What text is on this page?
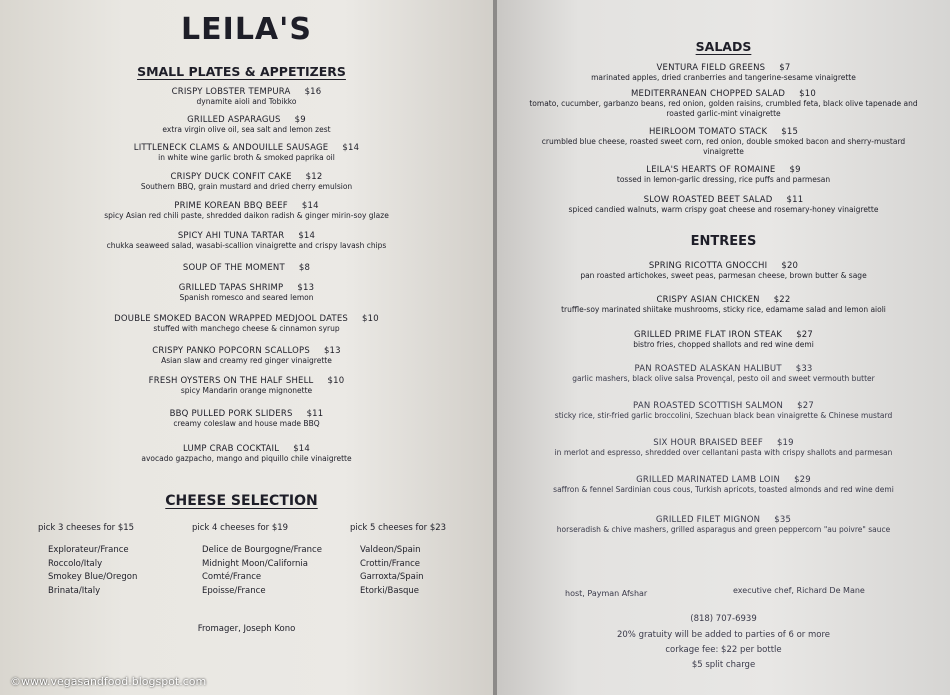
LEILA'S
SMALL PLATES & APPETIZERS
CRISPY LOBSTER TEMPURA $16
dynamite aioli and Tobikko
GRILLED ASPARAGUS $9
extra virgin olive oil, sea salt and lemon zest
LITTLENECK CLAMS & ANDOUILLE SAUSAGE $14
in white wine garlic broth & smoked paprika oil
CRISPY DUCK CONFIT CAKE $12
Southern BBQ, grain mustard and dried cherry emulsion
PRIME KOREAN BBQ BEEF $14
spicy Asian red chili paste, shredded daikon radish & ginger mirin-soy glaze
SPICY AHI TUNA TARTAR $14
chukka seaweed salad, wasabi-scallion vinaigrette and crispy lavash chips
SOUP OF THE MOMENT $8
GRILLED TAPAS SHRIMP $13
Spanish romesco and seared lemon
DOUBLE SMOKED BACON WRAPPED MEDJOOL DATES $10
stuffed with manchego cheese & cinnamon syrup
CRISPY PANKO POPCORN SCALLOPS $13
Asian slaw and creamy red ginger vinaigrette
FRESH OYSTERS ON THE HALF SHELL $10
spicy Mandarin orange mignonette
BBQ PULLED PORK SLIDERS $11
creamy coleslaw and house made BBQ
LUMP CRAB COCKTAIL $14
avocado gazpacho, mango and piquillo chile vinaigrette
CHEESE SELECTION
pick 3 cheeses for $15
Explorateur/France
Roccolo/Italy
Smokey Blue/Oregon
Brinata/Italy
pick 4 cheeses for $19
Delice de Bourgogne/France
Midnight Moon/California
Comté/France
Epoisse/France
pick 5 cheeses for $23
Valdeon/Spain
Crottin/France
Garroxta/Spain
Etorki/Basque
Fromager, Joseph Kono
SALADS
VENTURA FIELD GREENS $7
marinated apples, dried cranberries and tangerine-sesame vinaigrette
MEDITERRANEAN CHOPPED SALAD $10
tomato, cucumber, garbanzo beans, red onion, golden raisins, crumbled feta, black olive tapenade and
roasted garlic-mint vinaigrette
HEIRLOOM TOMATO STACK $15
crumbled blue cheese, roasted sweet corn, red onion, double smoked bacon and sherry-mustard
vinaigrette
LEILA'S HEARTS OF ROMAINE $9
tossed in lemon-garlic dressing, rice puffs and parmesan
SLOW ROASTED BEET SALAD $11
spiced candied walnuts, warm crispy goat cheese and rosemary-honey vinaigrette
ENTREES
SPRING RICOTTA GNOCCHI $20
pan roasted artichokes, sweet peas, parmesan cheese, brown butter & sage
CRISPY ASIAN CHICKEN $22
truffle-soy marinated shiitake mushrooms, sticky rice, edamame salad and lemon aioli
GRILLED PRIME FLAT IRON STEAK $27
bistro fries, chopped shallots and red wine demi
PAN ROASTED ALASKAN HALIBUT $33
garlic mashers, black olive salsa Provençal, pesto oil and sweet vermouth butter
PAN ROASTED SCOTTISH SALMON $27
sticky rice, stir-fried garlic broccolini, Szechuan black bean vinaigrette & Chinese mustard
SIX HOUR BRAISED BEEF $19
in merlot and espresso, shredded over cellantani pasta with crispy shallots and parmesan
GRILLED MARINATED LAMB LOIN $29
saffron & fennel Sardinian cous cous, Turkish apricots, toasted almonds and red wine demi
GRILLED FILET MIGNON $35
horseradish & chive mashers, grilled asparagus and green peppercorn "au poivre" sauce
host, Payman Afshar	executive chef, Richard De Mane
(818) 707-6939
20% gratuity will be added to parties of 6 or more
corkage fee: $22 per bottle
$5 split charge
©www.vegasandfood.blogspot.com
